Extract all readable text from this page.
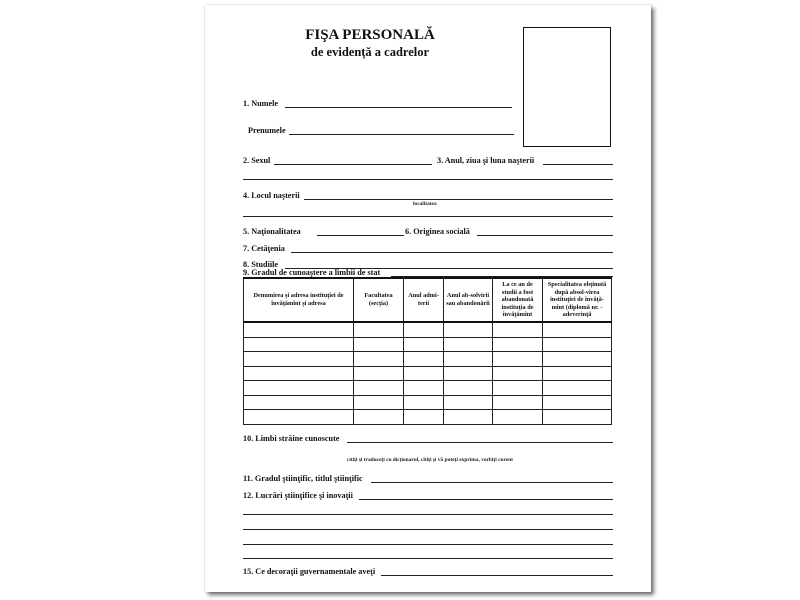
FIŞA PERSONALĂ
de evidenţă a cadrelor
1. Numele
Prenumele
2. Sexul	3. Anul, ziua şi luna naşterii
4. Locul naşterii
localitatea
5. Naţionalitatea	6. Originea socială
7. Cetăţenia
8. Studiile
9. Gradul de cunoaştere a limbii de stat
Denumirea şi adresa instituţiei de învăţămînt şi adresa	Facultatea (secţia)	Anul admi-terii	Anul ab-solvirii sau abandonării	La ce an de studii a fost abandonată instituţia de învăţămînt	Specialitatea obţinută după absol-virea instituţiei de învăţă-mînt (diplomă nr. - adeverinţă

10. Limbi străine cunoscute
citiţi şi traduceţi cu dicţionarul, citiţi şi vă puteţi exprima, vorbiţi curent
11. Gradul ştiinţific, titlul ştiinţific
12. Lucrări ştiinţifice şi inovaţii
15. Ce decoraţii guvernamentale aveţi
